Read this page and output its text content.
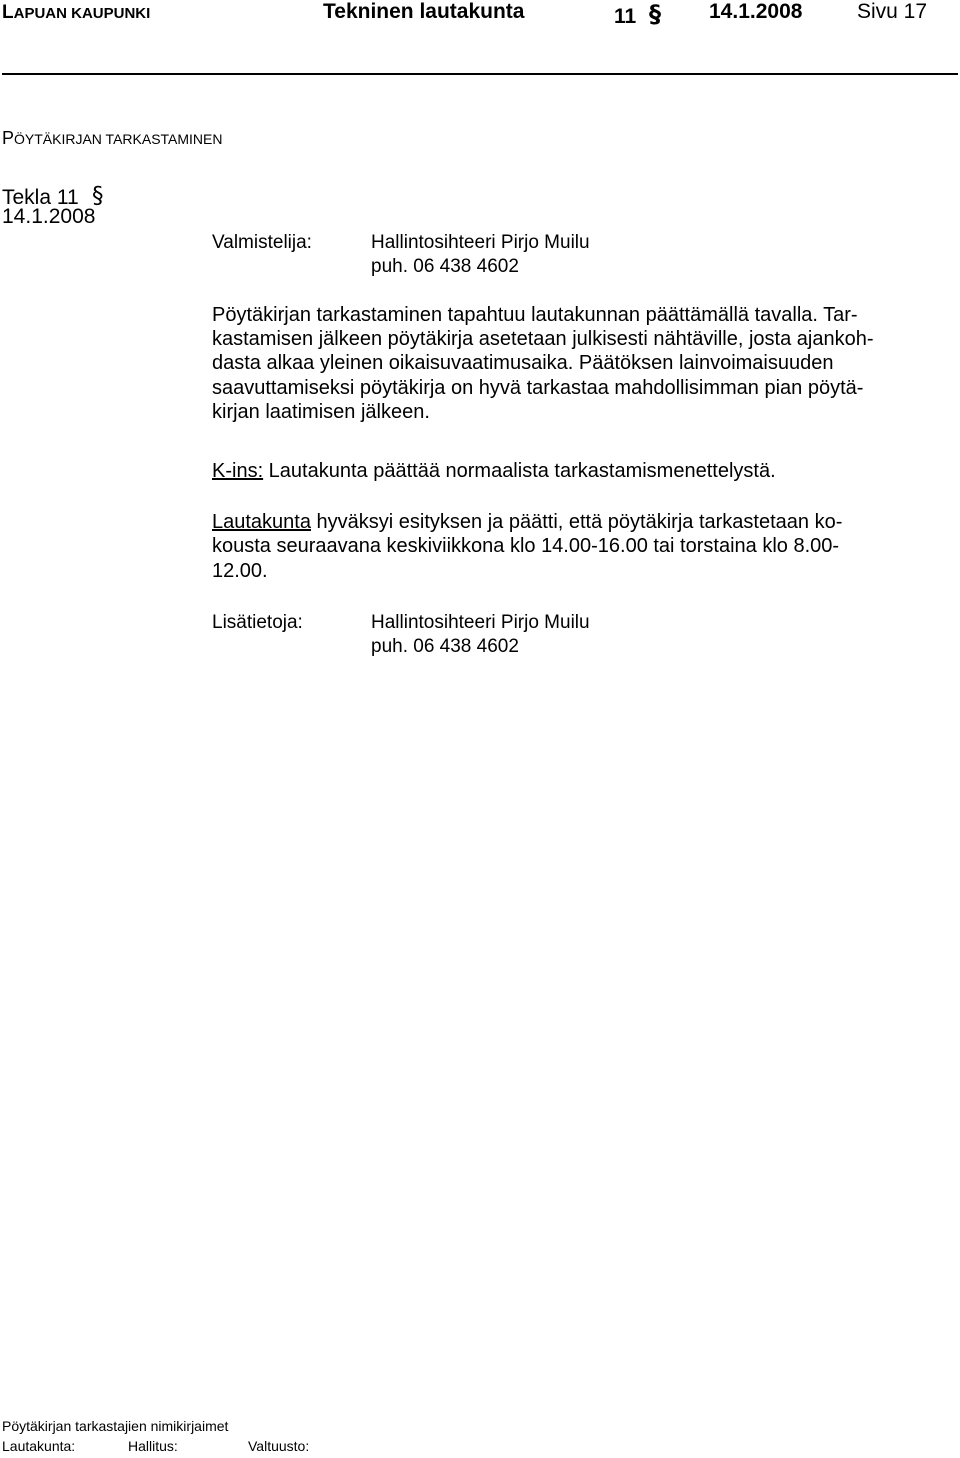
LAPUAN KAUPUNKI	Tekninen lautakunta	11 § 14.1.2008	Sivu 17
PÖYTÄKIRJAN TARKASTAMINEN
Tekla 11 §
14.1.2008
Valmistelija:	Hallintosihteeri Pirjo Muilu
puh. 06 438 4602
Pöytäkirjan tarkastaminen tapahtuu lautakunnan päättämällä tavalla. Tar-
kastamisen jälkeen pöytäkirja asetetaan julkisesti nähtäville, josta ajankoh-
dasta alkaa yleinen oikaisuvaatimusaika. Päätöksen lainvoimaisuuden
saavuttamiseksi pöytäkirja on hyvä tarkastaa mahdollisimman pian pöytä-
kirjan laatimisen jälkeen.
K-ins: Lautakunta päättää normaalista tarkastamismenettelystä.
Lautakunta hyväksyi esityksen ja päätti, että pöytäkirja tarkastetaan ko-
kousta seuraavana keskiviikkona klo 14.00-16.00 tai torstaina klo 8.00-
12.00.
Lisätietoja:	Hallintosihteeri Pirjo Muilu
puh. 06 438 4602
Pöytäkirjan tarkastajien nimikirjaimet
Lautakunta:	Hallitus:	Valtuusto:
